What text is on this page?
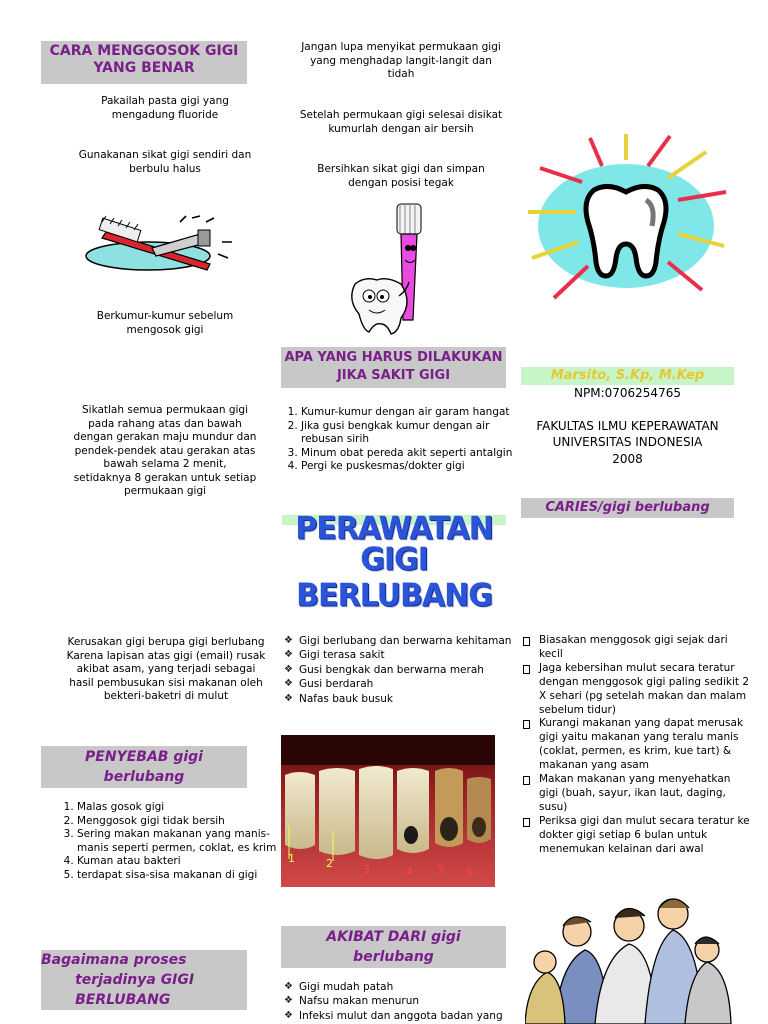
CARA MENGGOSOK GIGI
YANG BENAR
Pakailah pasta gigi yang
mengadung fluoride
Gunakanan sikat gigi sendiri dan
berbulu halus
Berkumur-kumur sebelum
mengosok gigi
Sikatlah semua permukaan gigi
pada rahang atas dan bawah
dengan gerakan maju mundur dan
pendek-pendek atau gerakan atas
bawah selama 2 menit,
setidaknya 8 gerakan untuk setiap
permukaan gigi
Kerusakan gigi berupa gigi berlubang
Karena lapisan atas gigi (email) rusak
akibat asam, yang terjadi sebagai
hasil pembusukan sisi makanan oleh
bekteri-baketri di mulut
PENYEBAB gigi
berlubang
1. Malas gosok gigi
2. Menggosok gigi tidak bersih
3. Sering makan makanan yang manis-manis seperti permen, coklat, es krim
4. Kuman atau bakteri
5. terdapat sisa-sisa makanan di gigi
Bagaimana proses
terjadinya GIGI
BERLUBANG
Jangan lupa menyikat permukaan gigi
yang menghadap langit-langit dan
tidah
Setelah permukaan gigi selesai disikat
kumurlah dengan air bersih
Bersihkan sikat gigi dan simpan
dengan posisi tegak
APA YANG HARUS DILAKUKAN
JIKA SAKIT GIGI
1. Kumur-kumur dengan air garam hangat
2. Jika gusi bengkak kumur dengan air rebusan sirih
3. Minum obat pereda akit seperti antalgin
4. Pergi ke puskesmas/dokter gigi
PERAWATAN
GIGI BERLUBANG
❖ Gigi berlubang dan berwarna kehitaman
❖ Gigi terasa sakit
❖ Gusi bengkak dan berwarna merah
❖ Gusi berdarah
❖ Nafas bauk busuk
1	2	3	4 5 6
AKIBAT DARI gigi
berlubang
❖ Gigi mudah patah
❖ Nafsu makan menurun
❖ Infeksi mulut dan anggota badan yang
Marsito, S.Kp, M.Kep
NPM:0706254765
FAKULTAS ILMU KEPERAWATAN
UNIVERSITAS INDONESIA
2008
CARIES/gigi berlubang
Biasakan menggosok gigi sejak dari kecil
Jaga kebersihan mulut secara teratur dengan menggosok gigi paling sedikit 2 X sehari (pg setelah makan dan malam sebelum tidur)
Kurangi makanan yang dapat merusak gigi yaitu makanan yang teralu manis (coklat, permen, es krim, kue tart) & makanan yang asam
Makan makanan yang menyehatkan gigi (buah, sayur, ikan laut, daging, susu)
Periksa gigi dan mulut secara teratur ke dokter gigi setiap 6 bulan untuk menemukan kelainan dari awal
